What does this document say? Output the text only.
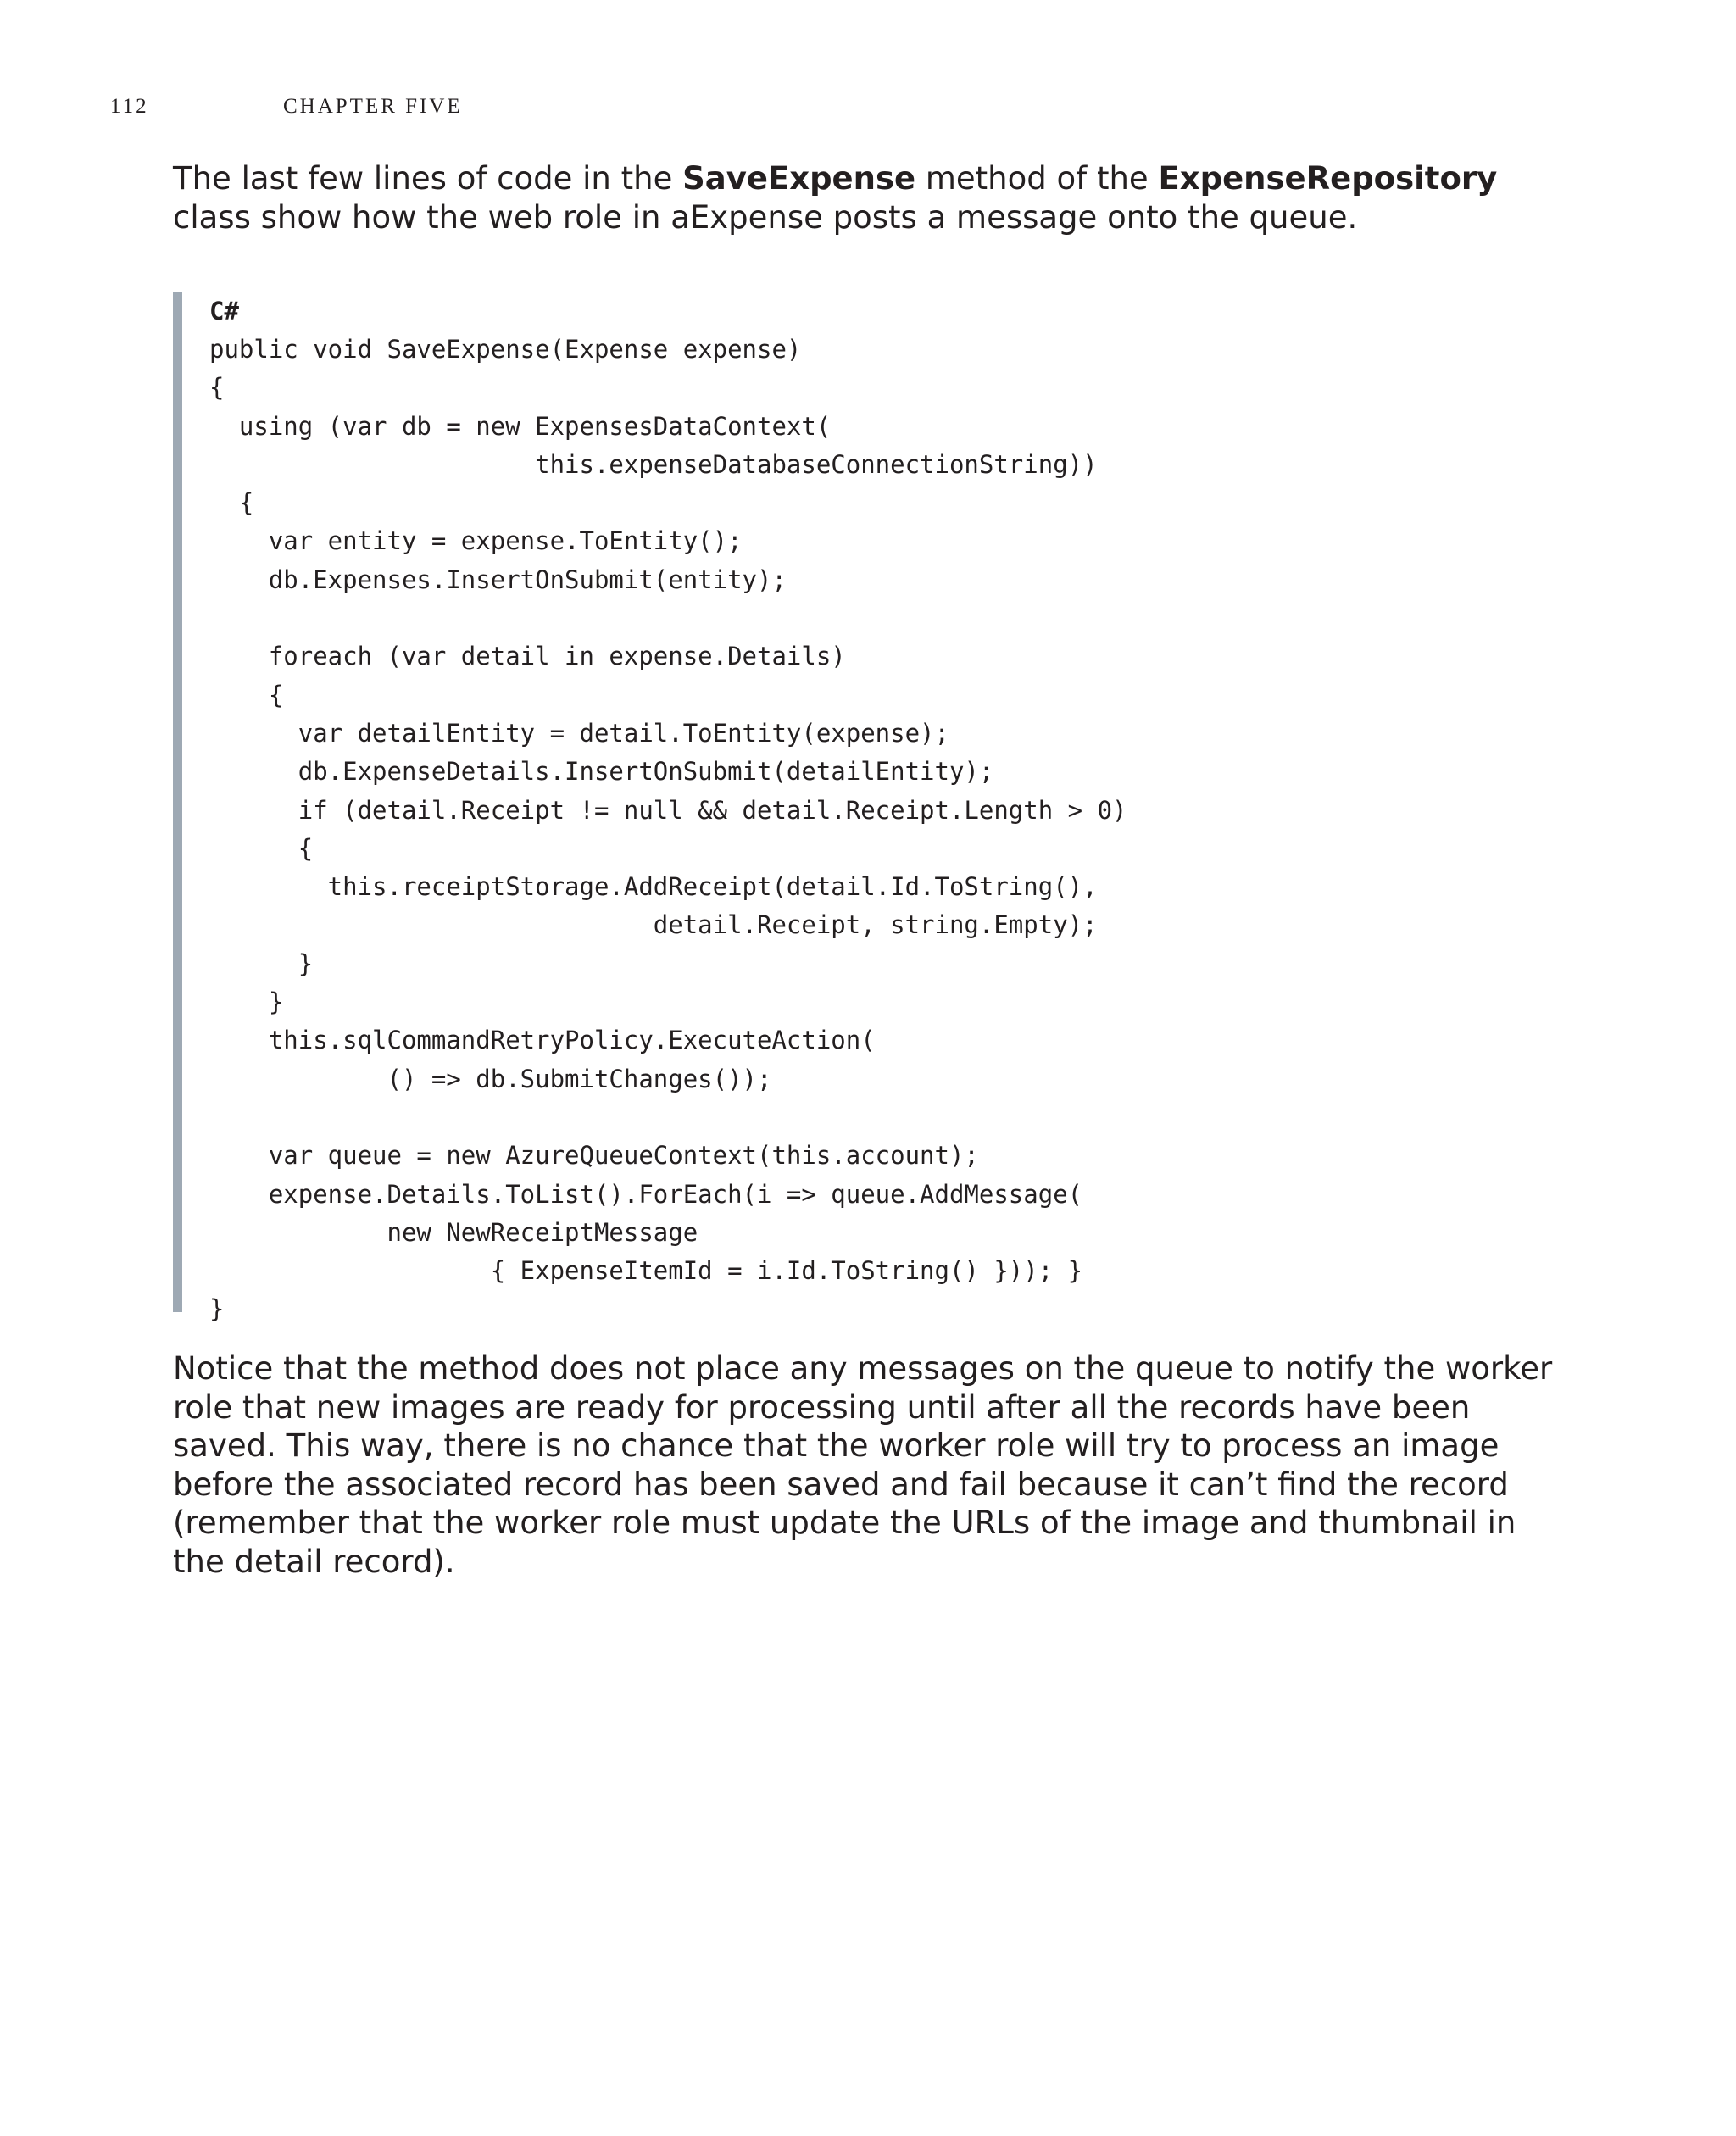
112	CHAPTER FIVE

The last few lines of code in the SaveExpense method of the ExpenseRepository class show how the web role in aExpense posts a message onto the queue.

C#
public void SaveExpense(Expense expense)
{
using (var db = new ExpensesDataContext(
this.expenseDatabaseConnectionString))
{
var entity = expense.ToEntity();
db.Expenses.InsertOnSubmit(entity);
foreach (var detail in expense.Details)
{
var detailEntity = detail.ToEntity(expense);
db.ExpenseDetails.InsertOnSubmit(detailEntity);
if (detail.Receipt != null && detail.Receipt.Length > 0)
{
this.receiptStorage.AddReceipt(detail.Id.ToString(),
detail.Receipt, string.Empty);
}
}
this.sqlCommandRetryPolicy.ExecuteAction(
() => db.SubmitChanges());
var queue = new AzureQueueContext(this.account);
expense.Details.ToList().ForEach(i => queue.AddMessage(
new NewReceiptMessage
{ ExpenseItemId = i.Id.ToString() })); }
}

Notice that the method does not place any messages on the queue to notify the worker role that new images are ready for processing until after all the records have been saved. This way, there is no chance that the worker role will try to process an image before the associated record has been saved and fail because it can’t find the record (remember that the worker role must update the URLs of the image and thumbnail in the detail record).
